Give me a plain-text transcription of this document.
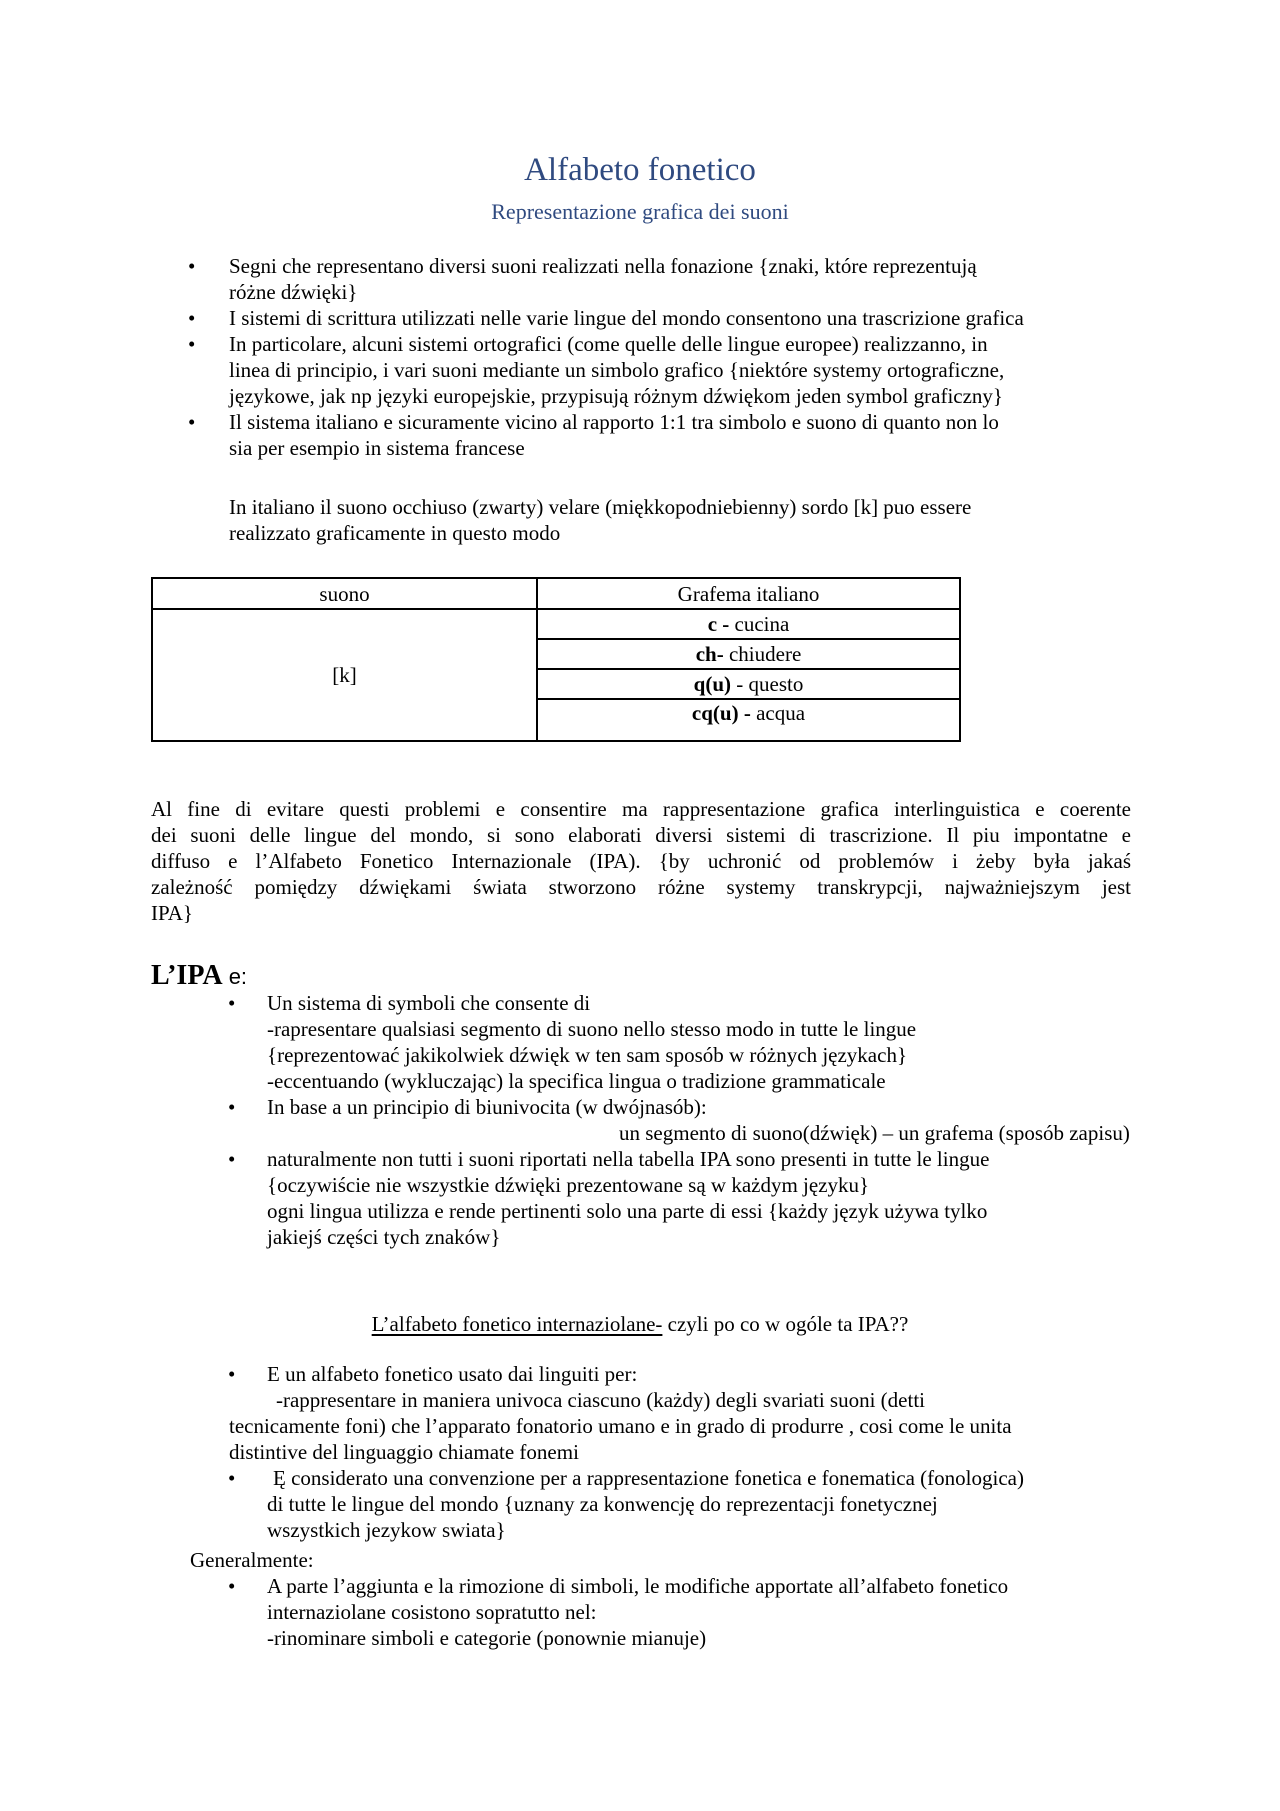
Alfabeto fonetico
Representazione grafica dei suoni
• Segni che representano diversi suoni realizzati nella fonazione {znaki, które reprezentują
różne dźwięki}
• I sistemi di scrittura utilizzati nelle varie lingue del mondo consentono una trascrizione grafica
• In particolare, alcuni sistemi ortografici (come quelle delle lingue europee) realizzanno, in
linea di principio, i vari suoni mediante un simbolo grafico {niektóre systemy ortograficzne,
językowe, jak np języki europejskie, przypisują różnym dźwiękom jeden symbol graficzny}
• Il sistema italiano e sicuramente vicino al rapporto 1:1 tra simbolo e suono di quanto non lo
sia per esempio in sistema francese
In italiano il suono occhiuso (zwarty) velare (miękkopodniebienny) sordo [k] puo essere
realizzato graficamente in questo modo
suono	Grafema italiano
[k]	c - cucina
	ch- chiudere
	q(u) - questo
	cq(u) - acqua
Al fine di evitare questi problemi e consentire ma rappresentazione grafica interlinguistica e coerente
dei suoni delle lingue del mondo, si sono elaborati diversi sistemi di trascrizione. Il piu impontatne e
diffuso e l’Alfabeto Fonetico Internazionale (IPA). {by uchronić od problemów i żeby była jakaś
zależność pomiędzy dźwiękami świata stworzono różne systemy transkrypcji, najważniejszym jest
IPA}
L’IPA e:
• Un sistema di symboli che consente di
-rapresentare qualsiasi segmento di suono nello stesso modo in tutte le lingue
{reprezentować jakikolwiek dźwięk w ten sam sposób w różnych językach}
-eccentuando (wykluczając) la specifica lingua o tradizione grammaticale
• In base a un principio di biunivocita (w dwójnasób):
un segmento di suono(dźwięk) – un grafema (sposób zapisu)
• naturalmente non tutti i suoni riportati nella tabella IPA sono presenti in tutte le lingue
{oczywiście nie wszystkie dźwięki prezentowane są w każdym języku}
ogni lingua utilizza e rende pertinenti solo una parte di essi {każdy język używa tylko
jakiejś części tych znaków}
L’alfabeto fonetico internaziolane- czyli po co w ogóle ta IPA??
• E un alfabeto fonetico usato dai linguiti per:
-rappresentare in maniera univoca ciascuno (każdy) degli svariati suoni (detti
tecnicamente foni) che l’apparato fonatorio umano e in grado di produrre , cosi come le unita
distintive del linguaggio chiamate fonemi
• Ę considerato una convenzione per a rappresentazione fonetica e fonematica (fonologica)
di tutte le lingue del mondo {uznany za konwencję do reprezentacji fonetycznej
wszystkich jezykow swiata}
Generalmente:
• A parte l’aggiunta e la rimozione di simboli, le modifiche apportate all’alfabeto fonetico
internaziolane cosistono sopratutto nel:
-rinominare simboli e categorie (ponownie mianuje)
